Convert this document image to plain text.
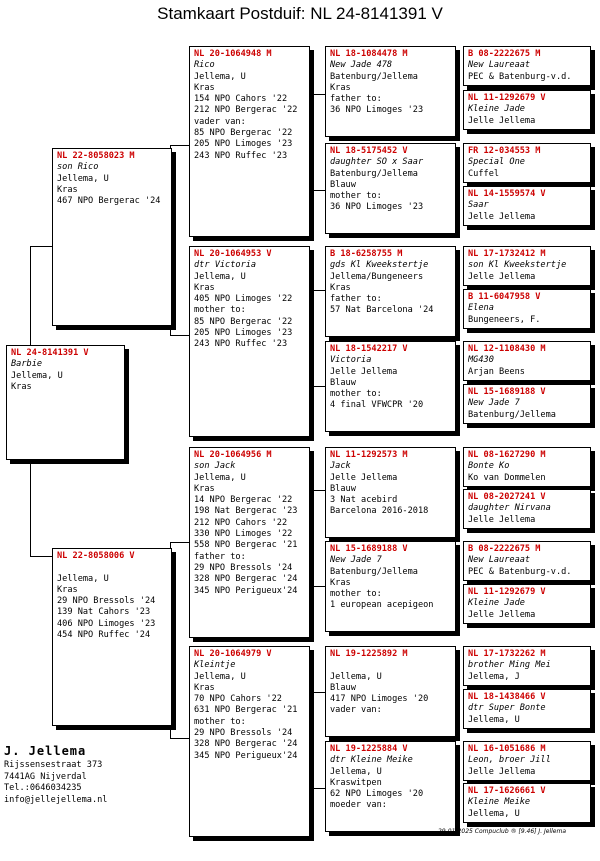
Stamkaart Postduif: NL 24-8141391 V
NL 24-8141391 V
Barbie
Jellema, U
Kras
NL 22-8058023 M
son Rico
Jellema, U
Kras
467 NPO Bergerac '24
NL 22-8058006 V
Jellema, U
Kras
29 NPO Bressols '24
139 Nat Cahors '23
406 NPO Limoges '23
454 NPO Ruffec '24
NL 20-1064948 M
Rico
Jellema, U
Kras
154 NPO Cahors '22
212 NPO Bergerac '22
vader van:
85 NPO Bergerac '22
205 NPO Limoges '23
243 NPO Ruffec '23
NL 20-1064953 V
dtr Victoria
Jellema, U
Kras
405 NPO Limoges '22
mother to:
85 NPO Bergerac '22
205 NPO Limoges '23
243 NPO Ruffec '23
NL 20-1064956 M
son Jack
Jellema, U
Kras
14 NPO Bergerac '22
198 Nat Bergerac '23
212 NPO Cahors '22
330 NPO Limoges '22
558 NPO Bergerac '21
father to:
29 NPO Bressols '24
328 NPO Bergerac '24
345 NPO Perigueux'24
NL 20-1064979 V
Kleintje
Jellema, U
Kras
70 NPO Cahors '22
631 NPO Bergerac '21
mother to:
29 NPO Bressols '24
328 NPO Bergerac '24
345 NPO Perigueux'24
NL 18-1084478 M
New Jade 478
Batenburg/Jellema
Kras
father to:
36 NPO Limoges '23
NL 18-5175452 V
daughter SO x Saar
Batenburg/Jellema
Blauw
mother to:
36 NPO Limoges '23
B 18-6258755 M
gds Kl Kweekstertje
Jellema/Bungeneers
Kras
father to:
57 Nat Barcelona '24
NL 18-1542217 V
Victoria
Jelle Jellema
Blauw
mother to:
4 final VFWCPR '20
NL 11-1292573 M
Jack
Jelle Jellema
Blauw
3 Nat acebird
Barcelona 2016-2018
NL 15-1689188 V
New Jade 7
Batenburg/Jellema
Kras
mother to:
1 european acepigeon
NL 19-1225892 M
Jellema, U
Blauw
417 NPO Limoges '20
vader van:
NL 19-1225884 V
dtr Kleine Meike
Jellema, U
Kraswitpen
62 NPO Limoges '20
moeder van:
B 08-2222675 M
New Laureaat
PEC & Batenburg-v.d.
NL 11-1292679 V
Kleine Jade
Jelle Jellema
FR 12-034553 M
Special One
Cuffel
NL 14-1559574 V
Saar
Jelle Jellema
NL 17-1732412 M
son Kl Kweekstertje
Jelle Jellema
B 11-6047958 V
Elena
Bungeneers, F.
NL 12-1108430 M
MG430
Arjan Beens
NL 15-1689188 V
New Jade 7
Batenburg/Jellema
NL 08-1627290 M
Bonte Ko
Ko van Dommelen
NL 08-2027241 V
daughter Nirvana
Jelle Jellema
B 08-2222675 M
New Laureaat
PEC & Batenburg-v.d.
NL 11-1292679 V
Kleine Jade
Jelle Jellema
NL 17-1732262 M
brother Ming Mei
Jellema, J
NL 18-1438466 V
dtr Super Bonte
Jellema, U
NL 16-1051686 M
Leon, broer Jill
Jelle Jellema
NL 17-1626661 V
Kleine Meike
Jellema, U
J. Jellema
Rijssensestraat 373
7441AG Nijverdal
Tel.:0646034235
info@jellejellema.nl
29-01-2025 Compuclub ® [9.46] J. Jellema
